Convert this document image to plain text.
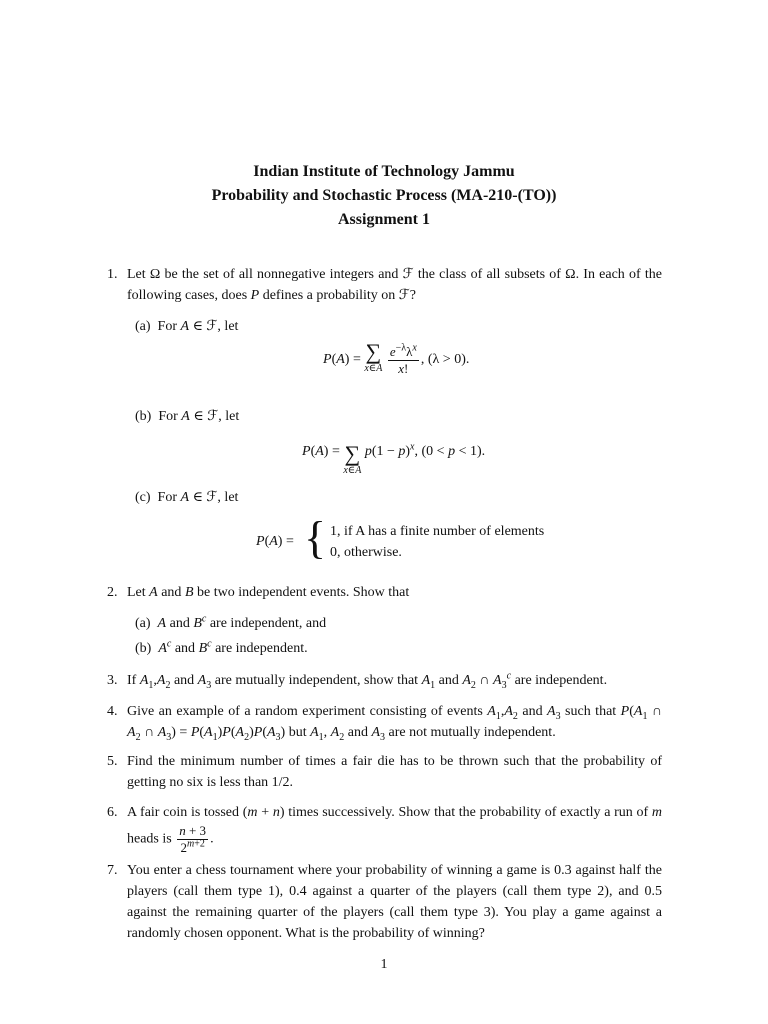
Indian Institute of Technology Jammu
Probability and Stochastic Process (MA-210-(TO))
Assignment 1
1. Let Ω be the set of all nonnegative integers and ℱ the class of all subsets of Ω. In each of the following cases, does P defines a probability on ℱ?
(a)  For A ∈ ℱ, let
P(A) = ∑
x∈A
$\frac{e^{-\lambda}\lambda^x}{x!}$ , (λ > 0).
(b)  For A ∈ ℱ, let
P(A) = ∑
x∈A
$p(1 - p)^x$, (0 < p < 1).
(c)  For A ∈ ℱ, let
P(A) = { 1, if A has a finite number of elements
0, otherwise.
2. Let A and B be two independent events. Show that
(a) A and $B^c$ are independent, and
(b) $A^c$ and $B^c$ are independent.
3. If $A_1,A_2$ and $A_3$ are mutually independent, show that $A_1$ and $A_2$ ∩ $A_3^c$ are independent.
4. Give an example of a random experiment consisting of events $A_1,A_2$ and $A_3$ such that $P(A_1$ ∩ $A_2$ ∩ $A_3) = P(A_1)P(A_2)P(A_3)$ but $A_1$, $A_2$ and $A_3$ are not mutually independent.
5. Find the minimum number of times a fair die has to be thrown such that the probability of getting no six is less than 1/2.
6. A fair coin is tossed (m + n) times successively. Show that the probability of exactly a run of m heads is $\frac{n + 3}{2^{m+2}}$ .
7. You enter a chess tournament where your probability of winning a game is 0.3 against half the players (call them type 1), 0.4 against a quarter of the players (call them type 2), and 0.5 against the remaining quarter of the players (call them type 3). You play a game against a randomly chosen opponent. What is the probability of winning?
1
